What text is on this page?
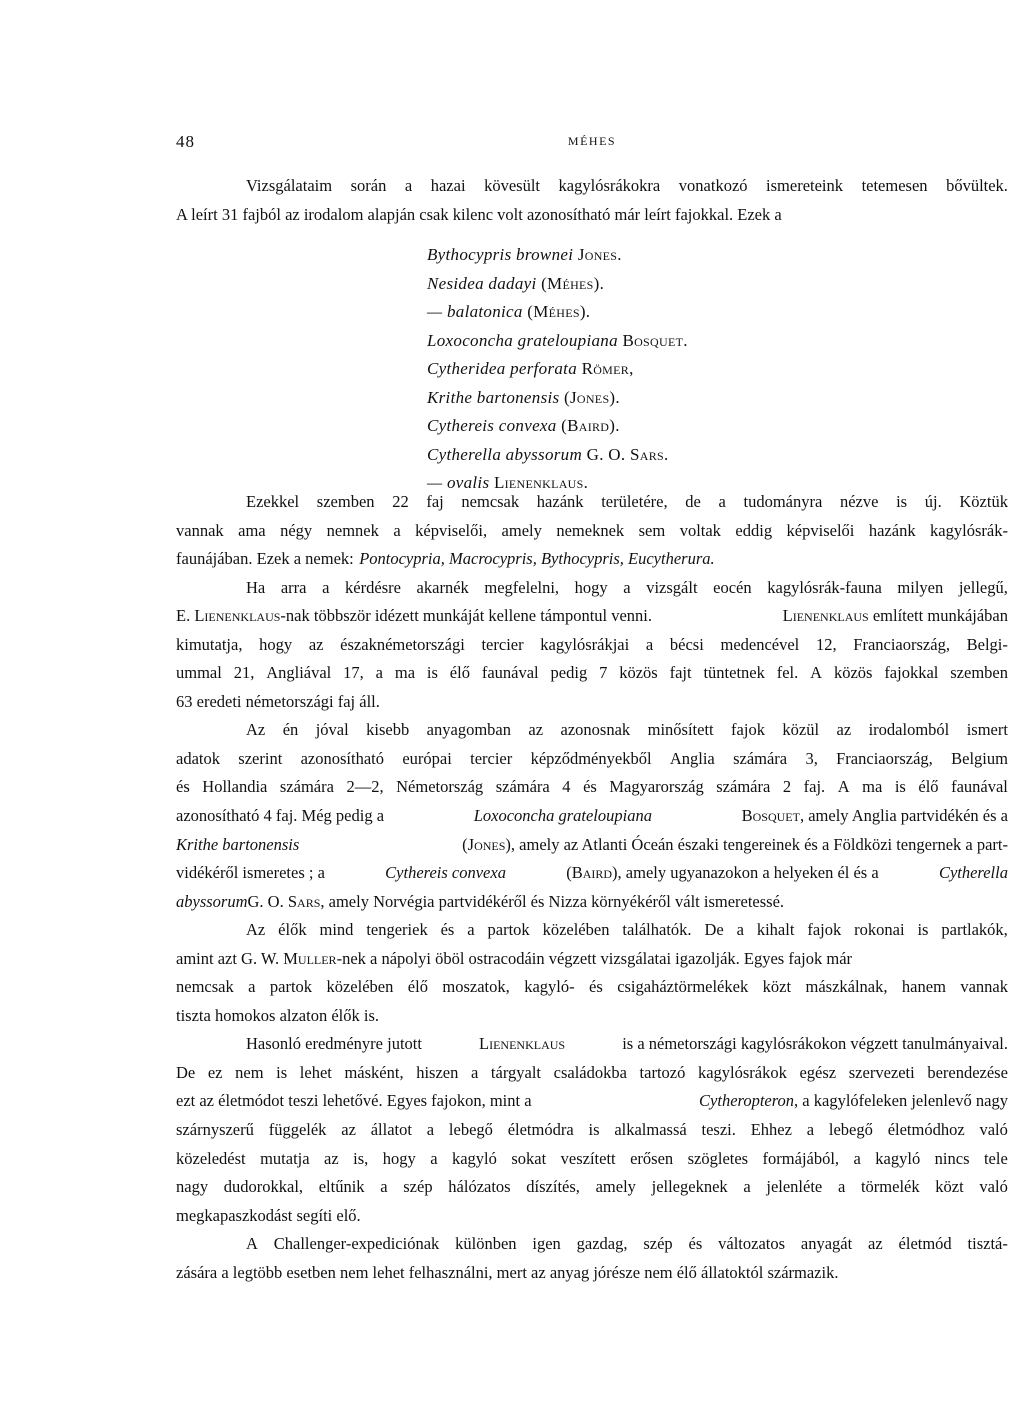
48	MÉHES
Vizsgálataim során a hazai kövesült kagylósrákokra vonatkozó ismereteink tetemesen bővültek.
A leírt 31 fajból az irodalom alapján csak kilenc volt azonosítható már leírt fajokkal. Ezek a
Bythocypris brownei Jones.
Nesidea dadayi (Méhes).
— balatonica (Méhes).
Loxoconcha grateloupiana Bosquet.
Cytheridea perforata Römer,
Krithe bartonensis (Jones).
Cythereis convexa (Baird).
Cytherella abyssorum G. O. Sars.
— ovalis Lienenklaus.
Ezekkel szemben 22 faj nemcsak hazánk területére, de a tudományra nézve is új. Köztük
vannak ama négy nemnek a képviselői, amely nemeknek sem voltak eddig képviselői hazánk kagylósrák-
faunájában. Ezek a nemek: Pontocypria, Macrocypris, Bythocypris, Eucytherura.
Ha arra a kérdésre akarnék megfelelni, hogy a vizsgált eocén kagylósrák-fauna milyen jellegű,
E. Lienenklaus-nak többször idézett munkáját kellene támpontul venni.	Lienenklaus említett munkájában
kimutatja, hogy az északnémetországi tercier kagylósrákjai a bécsi medencével 12, Franciaország, Belgi-
ummal 21, Angliával 17, a ma is élő faunával pedig 7 közös fajt tüntetnek fel. A közös fajokkal szemben
63 eredeti németországi faj áll.
Az én jóval kisebb anyagomban az azonosnak minősített fajok közül az irodalomból ismert
adatok szerint azonosítható európai tercier képződményekből Anglia számára 3, Franciaország, Belgium
és Hollandia számára 2—2, Németország számára 4 és Magyarország számára 2 faj. A ma is élő faunával
azonosítható 4 faj. Még pedig a	Loxoconcha grateloupiana	Bosquet, amely Anglia partvidékén és a
Krithe bartonensis	(Jones), amely az Atlanti Óceán északi tengereinek és a Földközi tengernek a part-
vidékéről ismeretes ; a	Cythereis convexa	(Baird), amely ugyanazokon a helyeken él és a	Cytherella
abyssorum G. O. Sars, amely Norvégia partvidékéről és Nizza környékéről vált ismeretessé.
Az élők mind tengeriek és a partok közelében találhatók. De a kihalt fajok rokonai is partlakók,
amint azt G. W. Muller-nek a nápolyi öböl ostracodáin végzett vizsgálatai igazolják. Egyes fajok már
nemcsak a partok közelében élő moszatok, kagyló- és csigaháztörmelékek közt mászkálnak, hanem vannak
tiszta homokos alzaton élők is.
Hasonló eredményre jutott	Lienenklaus	is a németországi kagylósrákokon végzett tanulmányaival.
De ez nem is lehet másként, hiszen a tárgyalt családokba tartozó kagylósrákok egész szervezeti berendezése
ezt az életmódot teszi lehetővé. Egyes fajokon, mint a	Cytheropteron, a kagylófeleken jelenlevő nagy
szárnyszerű függelék az állatot a lebegő életmódra is alkalmassá teszi. Ehhez a lebegő életmódhoz való
közeledést mutatja az is, hogy a kagyló sokat veszített erősen szögletes formájából, a kagyló nincs tele
nagy dudorokkal, eltűnik a szép hálózatos díszítés, amely jellegeknek a jelenléte a törmelék közt való
megkapaszkodást segíti elő.
A Challenger-expediciónak különben igen gazdag, szép és változatos anyagát az életmód tisztá-
zására a legtöbb esetben nem lehet felhasználni, mert az anyag jórésze nem élő állatoktól származik.
